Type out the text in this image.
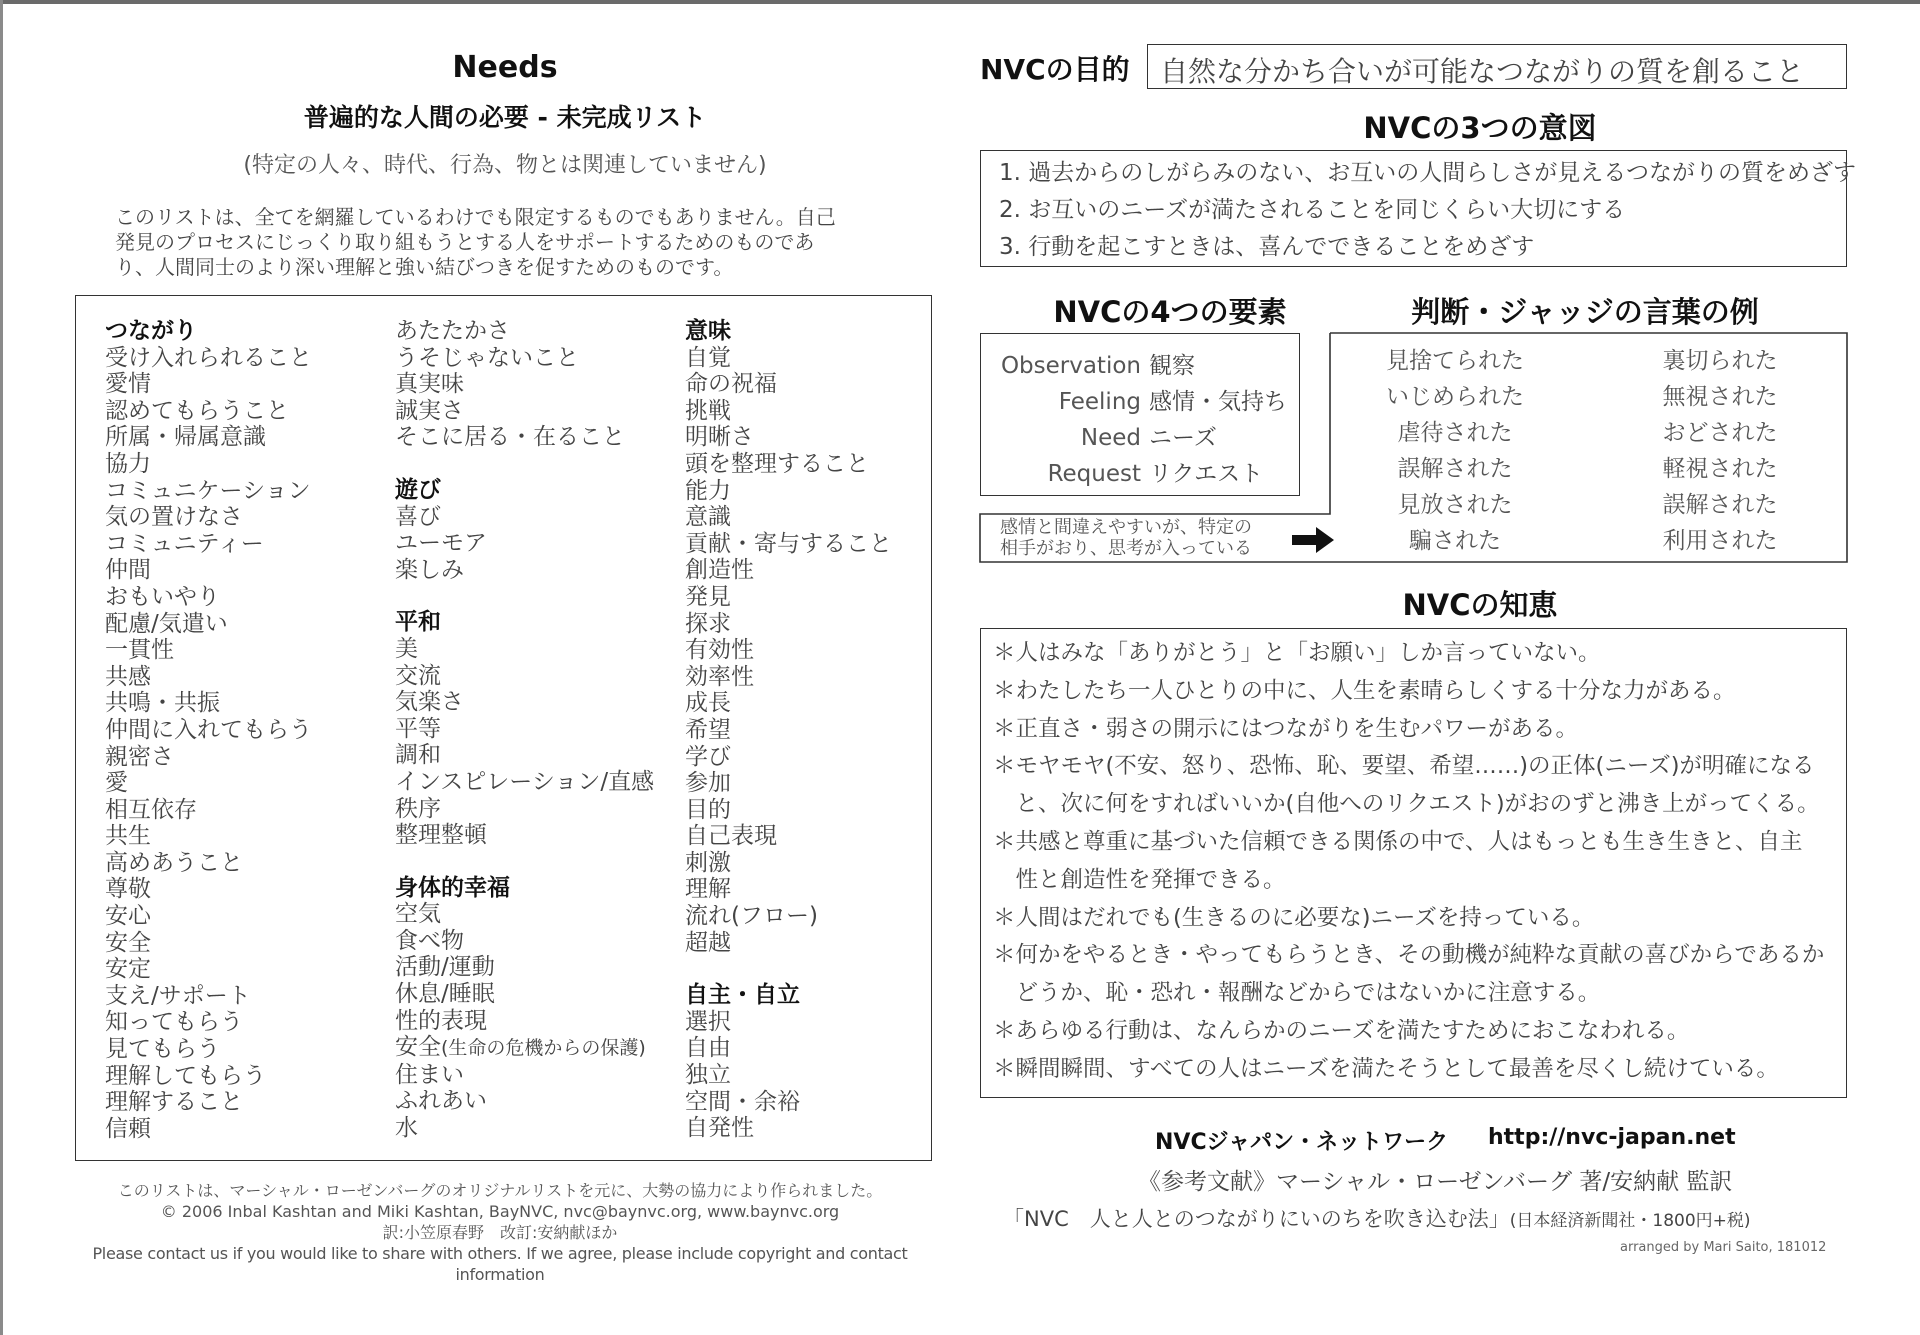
Needs
普遍的な人間の必要 - 未完成リスト
(特定の人々、時代、行為、物とは関連していません)
このリストは、全てを網羅しているわけでも限定するものでもありません。自己
発見のプロセスにじっくり取り組もうとする人をサポートするためのものであ
り、人間同士のより深い理解と強い結びつきを促すためのものです。
つながり
受け入れられること
愛情
認めてもらうこと
所属・帰属意識
協力
コミュニケーション
気の置けなさ
コミュニティー
仲間
おもいやり
配慮/気遣い
一貫性
共感
共鳴・共振
仲間に入れてもらう
親密さ
愛
相互依存
共生
高めあうこと
尊敬
安心
安全
安定
支え/サポート
知ってもらう
見てもらう
理解してもらう
理解すること
信頼
あたたかさ
うそじゃないこと
真実味
誠実さ
そこに居る・在ること
遊び
喜び
ユーモア
楽しみ
平和
美
交流
気楽さ
平等
調和
インスピレーション/直感
秩序
整理整頓
身体的幸福
空気
食べ物
活動/運動
休息/睡眠
性的表現
安全(生命の危機からの保護)
住まい
ふれあい
水
意味
自覚
命の祝福
挑戦
明晰さ
頭を整理すること
能力
意識
貢献・寄与すること
創造性
発見
探求
有効性
効率性
成長
希望
学び
参加
目的
自己表現
刺激
理解
流れ(フロー)
超越
自主・自立
選択
自由
独立
空間・余裕
自発性
このリストは、マーシャル・ローゼンバーグのオリジナルリストを元に、大勢の協力により作られました。
© 2006 Inbal Kashtan and Miki Kashtan, BayNVC, nvc@baynvc.org, www.baynvc.org
訳:小笠原春野　改訂:安納献ほか
Please contact us if you would like to share with others. If we agree, please include copyright and contact information
NVCの目的 自然な分かち合いが可能なつながりの質を創ること
NVCの3つの意図
1. 過去からのしがらみのない、お互いの人間らしさが見えるつながりの質をめざす
2. お互いのニーズが満たされることを同じくらい大切にする
3. 行動を起こすときは、喜んでできることをめざす
NVCの4つの要素	判断・ジャッジの言葉の例
Observation
Feeling
Need
Request
観察
感情・気持ち
ニーズ
リクエスト
感情と間違えやすいが、特定の
相手がおり、思考が入っている
見捨てられた
いじめられた
虐待された
誤解された
見放された
騙された
裏切られた
無視された
おどされた
軽視された
誤解された
利用された
NVCの知恵
＊人はみな「ありがとう」と「お願い」しか言っていない。
＊わたしたち一人ひとりの中に、人生を素晴らしくする十分な力がある。
＊正直さ・弱さの開示にはつながりを生むパワーがある。
＊モヤモヤ(不安、怒り、恐怖、恥、要望、希望……)の正体(ニーズ)が明確になる
　と、次に何をすればいいか(自他へのリクエスト)がおのずと沸き上がってくる。
＊共感と尊重に基づいた信頼できる関係の中で、人はもっとも生き生きと、自主
　性と創造性を発揮できる。
＊人間はだれでも(生きるのに必要な)ニーズを持っている。
＊何かをやるとき・やってもらうとき、その動機が純粋な貢献の喜びからであるか
　どうか、恥・恐れ・報酬などからではないかに注意する。
＊あらゆる行動は、なんらかのニーズを満たすためにおこなわれる。
＊瞬間瞬間、すべての人はニーズを満たそうとして最善を尽くし続けている。
NVCジャパン・ネットワーク http://nvc-japan.net
《参考文献》マーシャル・ローゼンバーグ 著/安納献 監訳
「NVC　人と人とのつながりにいのちを吹き込む法」(日本経済新聞社・1800円+税)
arranged by Mari Saito, 181012
